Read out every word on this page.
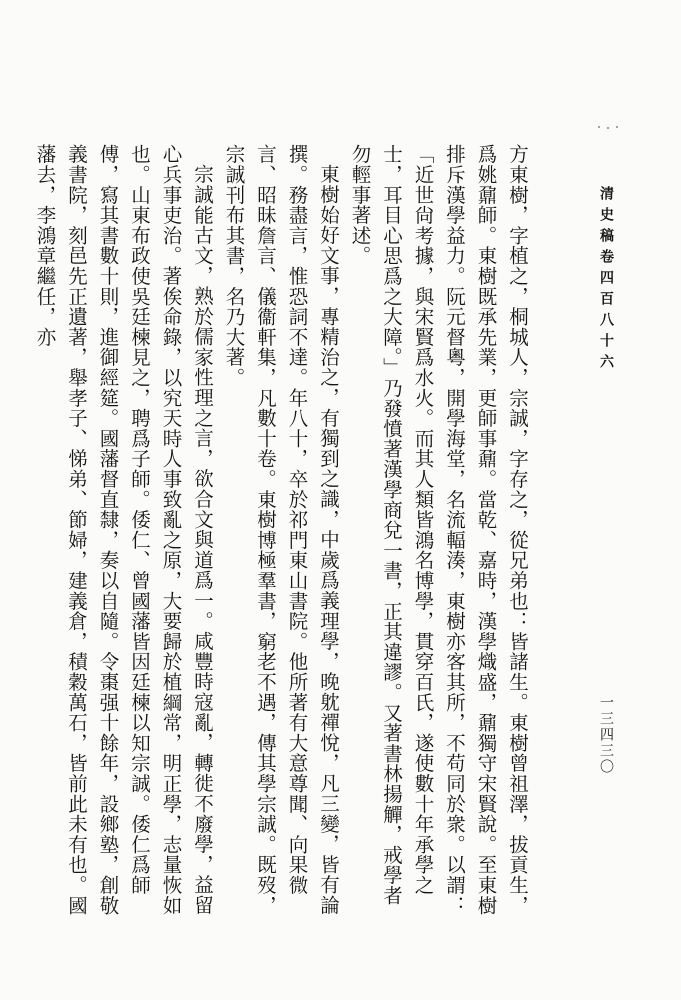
清史稿卷四百八十六
一三四三〇

方東樹，字植之，桐城人，宗誠，字存之，從兄弟也：皆諸生。東樹曾祖澤，拔貢生，爲姚鼐師。東樹既承先業，更師事鼐。當乾、嘉時，漢學熾盛，鼐獨守宋賢說。至東樹排斥漢學益力。阮元督粵，開學海堂，名流輻湊，東樹亦客其所，不苟同於衆。以謂：「近世尙考據，與宋賢爲水火。而其人類皆鴻名博學，貫穿百氏，遂使數十年承學之士，耳目心思爲之大障。」乃發憤著漢學商兌一書，正其違謬。又著書林揚觶，戒學者勿輕事著述。

東樹始好文事，專精治之，有獨到之識，中歲爲義理學，晚躭禪悅，凡三變，皆有論撰。務盡言，惟恐詞不達。年八十，卒於祁門東山書院。他所著有大意尊聞、向果微言、昭昧詹言、儀衞軒集，凡數十卷。東樹博極羣書，窮老不遇，傳其學宗誠。既歿，宗誠刊布其書，名乃大著。

宗誠能古文，熟於儒家性理之言，欲合文與道爲一。咸豐時寇亂，轉徙不廢學，益留心兵事吏治。著俟命錄，以究天時人事致亂之原，大要歸於植綱常，明正學，志量恢如也。山東布政使吳廷楝見之，聘爲子師。倭仁、曾國藩皆因廷楝以知宗誠。倭仁爲師傅，寫其書數十則，進御經筵。國藩督直隸，奏以自隨。令棗强十餘年，設鄉塾，創敬義書院，刻邑先正遺著，舉孝子、悌弟、節婦，建義倉，積穀萬石，皆前此未有也。國藩去，李鴻章繼任，亦
